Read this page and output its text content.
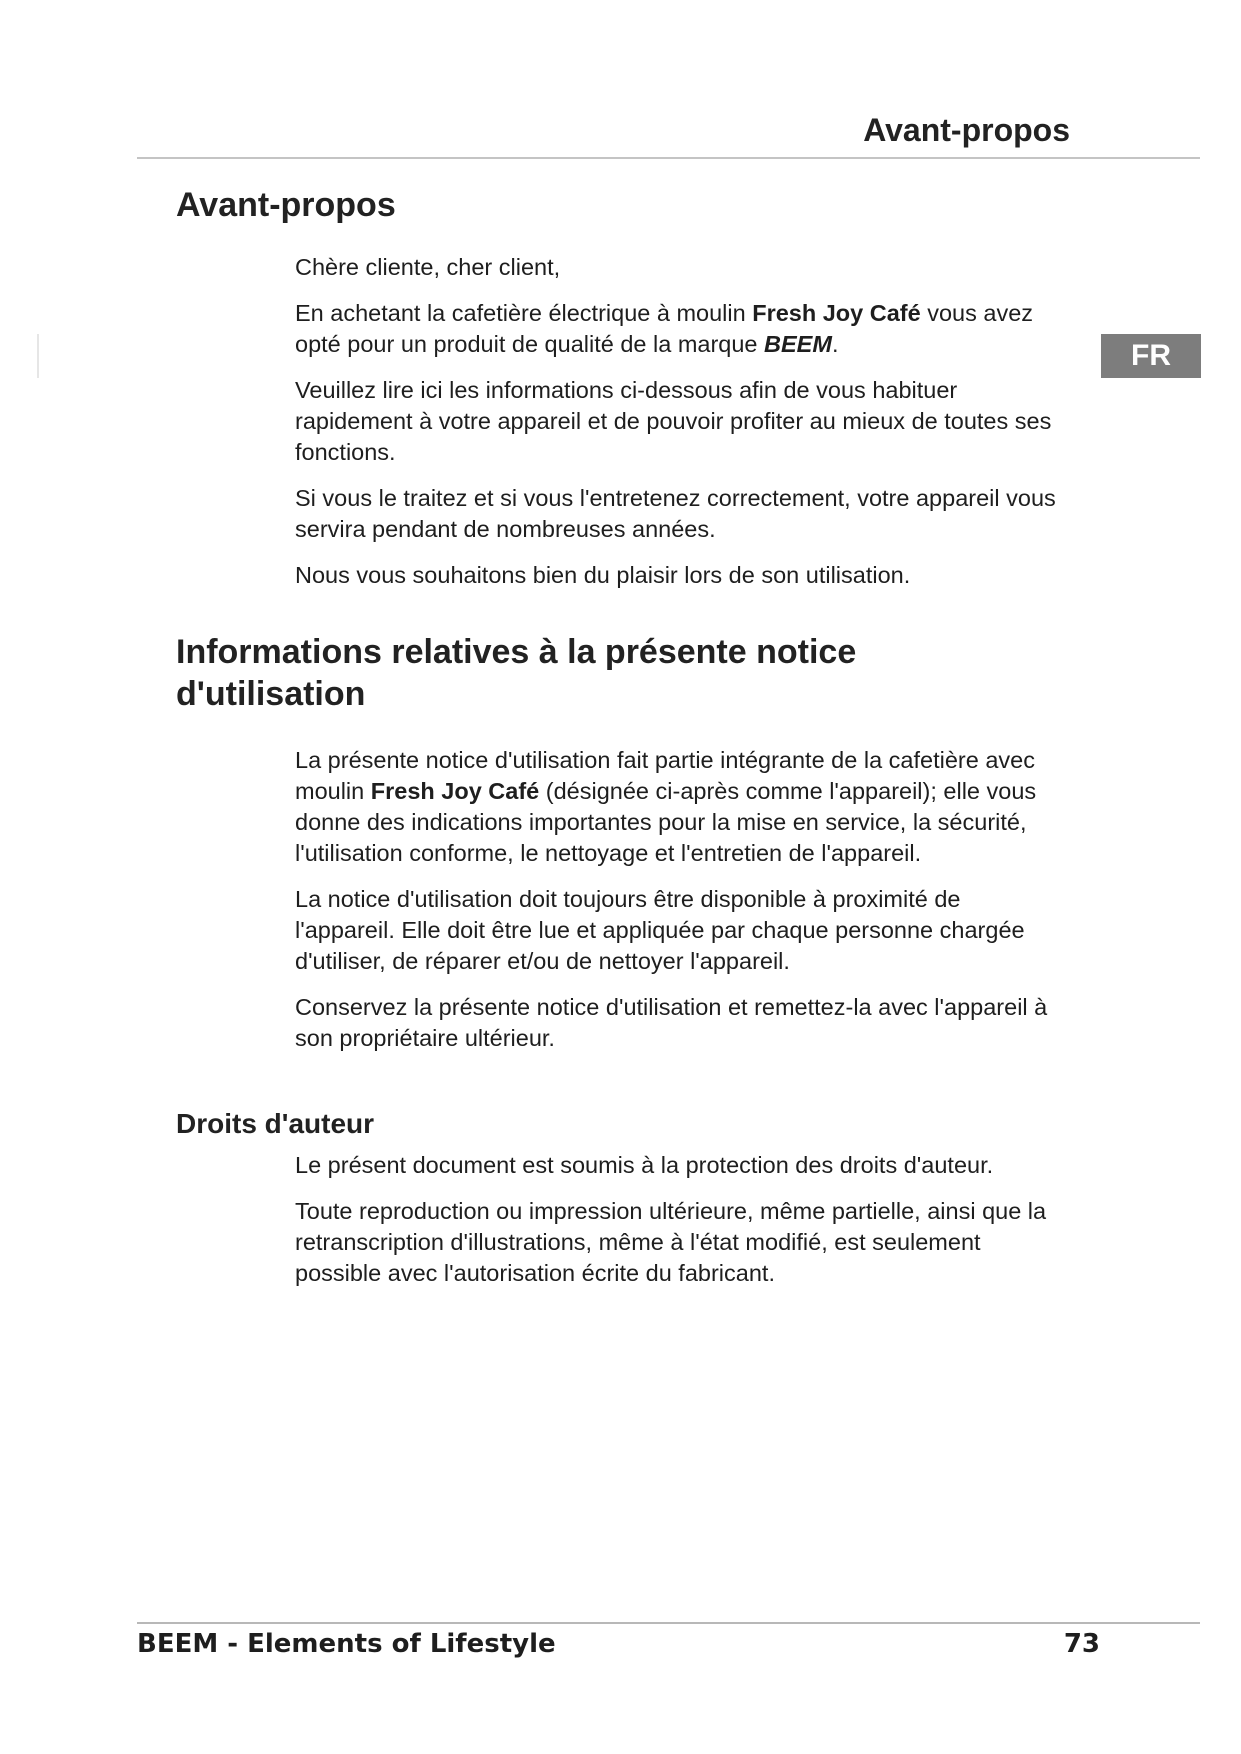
Avant-propos
FR
Avant-propos

Chère cliente, cher client,

En achetant la cafetière électrique à moulin Fresh Joy Café vous avez opté pour un produit de qualité de la marque BEEM.

Veuillez lire ici les informations ci-dessous afin de vous habituer rapidement à votre appareil et de pouvoir profiter au mieux de toutes ses fonctions.

Si vous le traitez et si vous l'entretenez correctement, votre appareil vous servira pendant de nombreuses années.

Nous vous souhaitons bien du plaisir lors de son utilisation.

Informations relatives à la présente notice
d'utilisation

La présente notice d'utilisation fait partie intégrante de la cafetière avec moulin Fresh Joy Café (désignée ci-après comme l'appareil); elle vous donne des indications importantes pour la mise en service, la sécurité, l'utilisation conforme, le nettoyage et l'entretien de l'appareil.

La notice d'utilisation doit toujours être disponible à proximité de l'appareil. Elle doit être lue et appliquée par chaque personne chargée d'utiliser, de réparer et/ou de nettoyer l'appareil.

Conservez la présente notice d'utilisation et remettez-la avec l'appareil à son propriétaire ultérieur.

Droits d'auteur

Le présent document est soumis à la protection des droits d'auteur.

Toute reproduction ou impression ultérieure, même partielle, ainsi que la retranscription d'illustrations, même à l'état modifié, est seulement possible avec l'autorisation écrite du fabricant.

BEEM - Elements of Lifestyle	73
